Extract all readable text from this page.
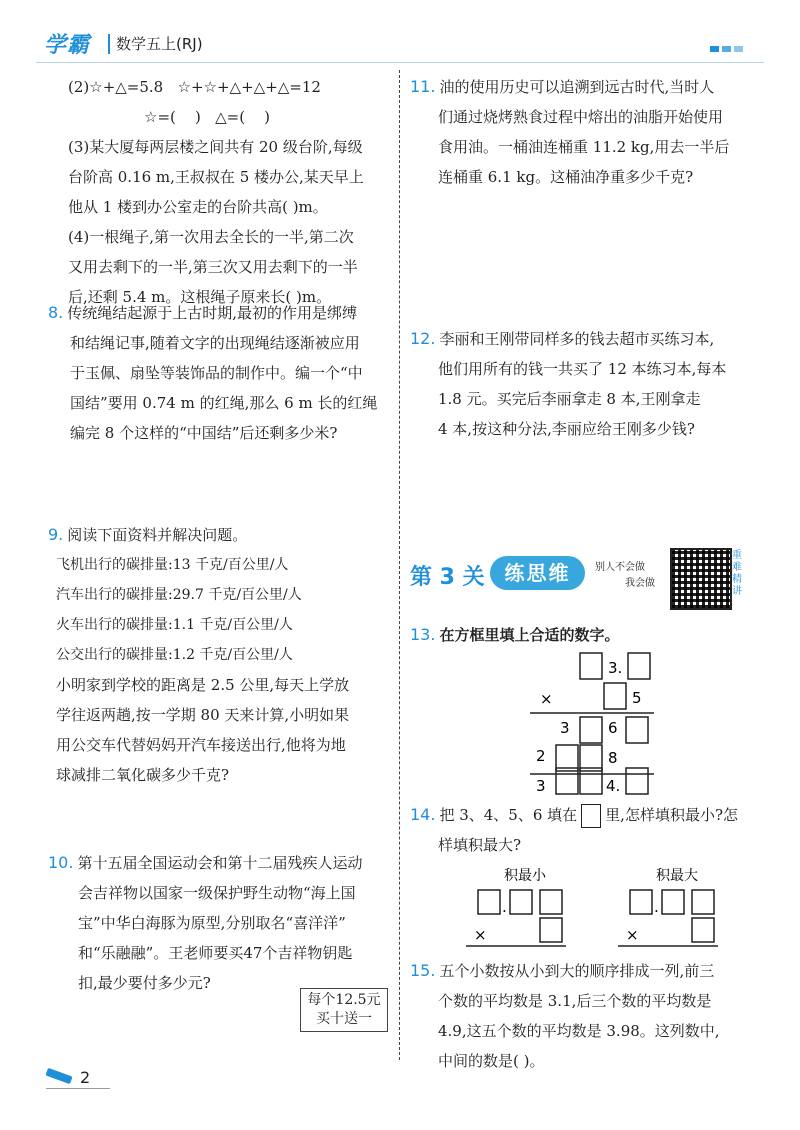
学霸 数学五上(RJ)
(2)☆+△=5.8   ☆+☆+△+△+△=12
☆=(    )   △=(    )
(3)某大厦每两层楼之间共有 20 级台阶,每级
台阶高 0.16 m,王叔叔在 5 楼办公,某天早上
他从 1 楼到办公室走的台阶共高( )m。
(4)一根绳子,第一次用去全长的一半,第二次
又用去剩下的一半,第三次又用去剩下的一半
后,还剩 5.4 m。这根绳子原来长( )m。
8. 传统绳结起源于上古时期,最初的作用是绑缚
和结绳记事,随着文字的出现绳结逐渐被应用
于玉佩、扇坠等装饰品的制作中。编一个“中
国结”要用 0.74 m 的红绳,那么 6 m 长的红绳
编完 8 个这样的“中国结”后还剩多少米?
9. 阅读下面资料并解决问题。
飞机出行的碳排量:13 千克/百公里/人
汽车出行的碳排量:29.7 千克/百公里/人
火车出行的碳排量:1.1 千克/百公里/人
公交出行的碳排量:1.2 千克/百公里/人
小明家到学校的距离是 2.5 公里,每天上学放
学往返两趟,按一学期 80 天来计算,小明如果
用公交车代替妈妈开汽车接送出行,他将为地
球减排二氧化碳多少千克?
10. 第十五届全国运动会和第十二届残疾人运动
会吉祥物以国家一级保护野生动物“海上国
宝”中华白海豚为原型,分别取名“喜洋洋”
和“乐融融”。王老师要买47个吉祥物钥匙
扣,最少要付多少元?
每个12.5元
买十送一
11. 油的使用历史可以追溯到远古时代,当时人
们通过烧烤熟食过程中熔出的油脂开始使用
食用油。一桶油连桶重 11.2 kg,用去一半后
连桶重 6.1 kg。这桶油净重多少千克?
12. 李丽和王刚带同样多的钱去超市买练习本,
他们用所有的钱一共买了 12 本练习本,每本
1.8 元。买完后李丽拿走 8 本,王刚拿走
4 本,按这种分法,李丽应给王刚多少钱?
第 3 关 练思维	别人不会做
我会做
重难精讲
13. 在方框里填上合适的数字。
3.
×	5
3	6
2	8
3	4.
14. 把 3、4、5、6 填在 里,怎样填积最小?怎
样填积最大?
积最小
.
×
积最大
.
×
15. 五个小数按从小到大的顺序排成一列,前三
个数的平均数是 3.1,后三个数的平均数是
4.9,这五个数的平均数是 3.98。这列数中,
中间的数是( )。
2
